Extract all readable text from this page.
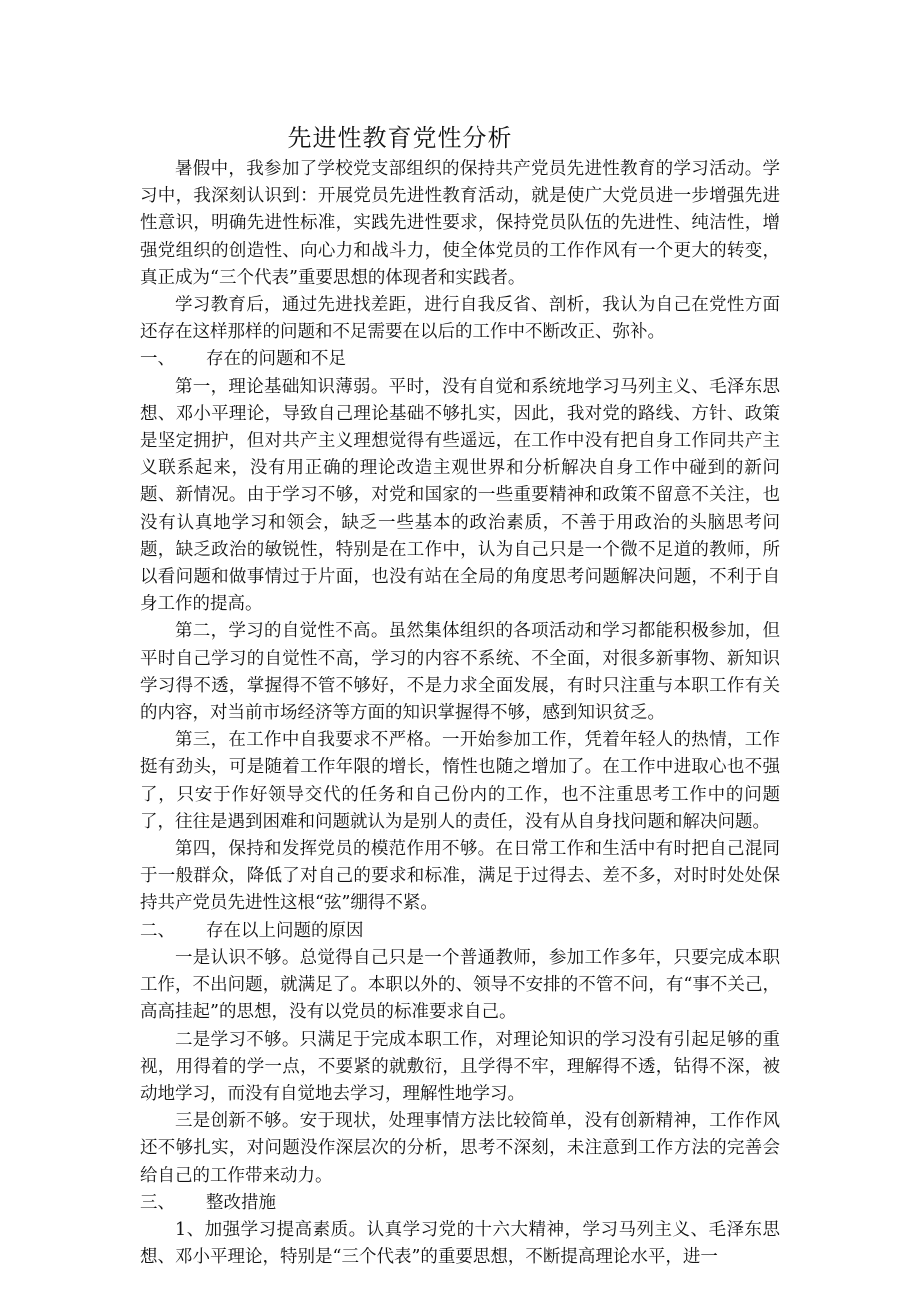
先进性教育党性分析

暑假中，我参加了学校党支部组织的保持共产党员先进性教育的学习活动。学习中，我深刻认识到：开展党员先进性教育活动，就是使广大党员进一步增强先进性意识，明确先进性标准，实践先进性要求，保持党员队伍的先进性、纯洁性，增强党组织的创造性、向心力和战斗力，使全体党员的工作作风有一个更大的转变，真正成为“三个代表”重要思想的体现者和实践者。

学习教育后，通过先进找差距，进行自我反省、剖析，我认为自己在党性方面还存在这样那样的问题和不足需要在以后的工作中不断改正、弥补。

一、 存在的问题和不足

第一，理论基础知识薄弱。平时，没有自觉和系统地学习马列主义、毛泽东思想、邓小平理论，导致自己理论基础不够扎实，因此，我对党的路线、方针、政策是坚定拥护，但对共产主义理想觉得有些遥远，在工作中没有把自身工作同共产主义联系起来，没有用正确的理论改造主观世界和分析解决自身工作中碰到的新问题、新情况。由于学习不够，对党和国家的一些重要精神和政策不留意不关注，也没有认真地学习和领会，缺乏一些基本的政治素质，不善于用政治的头脑思考问题，缺乏政治的敏锐性，特别是在工作中，认为自己只是一个微不足道的教师，所以看问题和做事情过于片面，也没有站在全局的角度思考问题解决问题，不利于自身工作的提高。

第二，学习的自觉性不高。虽然集体组织的各项活动和学习都能积极参加，但平时自己学习的自觉性不高，学习的内容不系统、不全面，对很多新事物、新知识学习得不透，掌握得不管不够好，不是力求全面发展，有时只注重与本职工作有关的内容，对当前市场经济等方面的知识掌握得不够，感到知识贫乏。

第三，在工作中自我要求不严格。一开始参加工作，凭着年轻人的热情，工作挺有劲头，可是随着工作年限的增长，惰性也随之增加了。在工作中进取心也不强了，只安于作好领导交代的任务和自己份内的工作，也不注重思考工作中的问题了，往往是遇到困难和问题就认为是别人的责任，没有从自身找问题和解决问题。

第四，保持和发挥党员的模范作用不够。在日常工作和生活中有时把自己混同于一般群众，降低了对自己的要求和标准，满足于过得去、差不多，对时时处处保持共产党员先进性这根“弦”绷得不紧。

二、 存在以上问题的原因

一是认识不够。总觉得自己只是一个普通教师，参加工作多年，只要完成本职工作，不出问题，就满足了。本职以外的、领导不安排的不管不问，有“事不关己，高高挂起”的思想，没有以党员的标准要求自己。

二是学习不够。只满足于完成本职工作，对理论知识的学习没有引起足够的重视，用得着的学一点，不要紧的就敷衍，且学得不牢，理解得不透，钻得不深，被动地学习，而没有自觉地去学习，理解性地学习。

三是创新不够。安于现状，处理事情方法比较简单，没有创新精神，工作作风还不够扎实，对问题没作深层次的分析，思考不深刻，未注意到工作方法的完善会给自己的工作带来动力。

三、 整改措施

1、加强学习提高素质。认真学习党的十六大精神，学习马列主义、毛泽东思想、邓小平理论，特别是“三个代表”的重要思想，不断提高理论水平，进一
